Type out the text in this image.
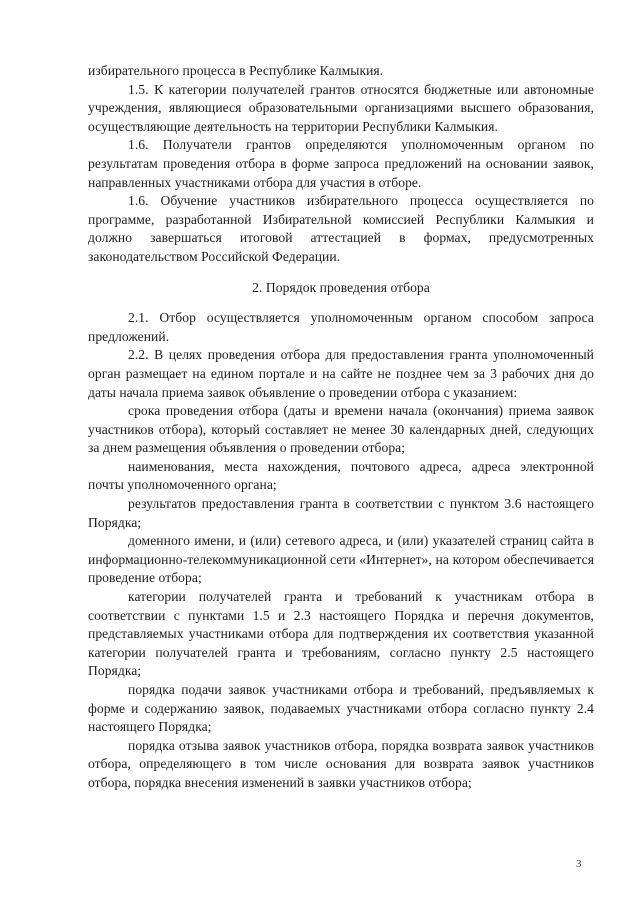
избирательного процесса в Республике Калмыкия.

1.5. К категории получателей грантов относятся бюджетные или автономные учреждения, являющиеся образовательными организациями высшего образования, осуществляющие деятельность на территории Республики Калмыкия.

1.6. Получатели грантов определяются уполномоченным органом по результатам проведения отбора в форме запроса предложений на основании заявок, направленных участниками отбора для участия в отборе.

1.6. Обучение участников избирательного процесса осуществляется по программе, разработанной Избирательной комиссией Республики Калмыкия и должно завершаться итоговой аттестацией в формах, предусмотренных законодательством Российской Федерации.

2. Порядок проведения отбора

2.1. Отбор осуществляется уполномоченным органом способом запроса предложений.

2.2. В целях проведения отбора для предоставления гранта уполномоченный орган размещает на едином портале и на сайте не позднее чем за 3 рабочих дня до даты начала приема заявок объявление о проведении отбора с указанием:

срока проведения отбора (даты и времени начала (окончания) приема заявок участников отбора), который составляет не менее 30 календарных дней, следующих за днем размещения объявления о проведении отбора;

наименования, места нахождения, почтового адреса, адреса электронной почты уполномоченного органа;

результатов предоставления гранта в соответствии с пунктом 3.6 настоящего Порядка;

доменного имени, и (или) сетевого адреса, и (или) указателей страниц сайта в информационно-телекоммуникационной сети «Интернет», на котором обеспечивается проведение отбора;

категории получателей гранта и требований к участникам отбора в соответствии с пунктами 1.5 и 2.3 настоящего Порядка и перечня документов, представляемых участниками отбора для подтверждения их соответствия указанной категории получателей гранта и требованиям, согласно пункту 2.5 настоящего Порядка;

порядка подачи заявок участниками отбора и требований, предъявляемых к форме и содержанию заявок, подаваемых участниками отбора согласно пункту 2.4 настоящего Порядка;

порядка отзыва заявок участников отбора, порядка возврата заявок участников отбора, определяющего в том числе основания для возврата заявок участников отбора, порядка внесения изменений в заявки участников отбора;

3
